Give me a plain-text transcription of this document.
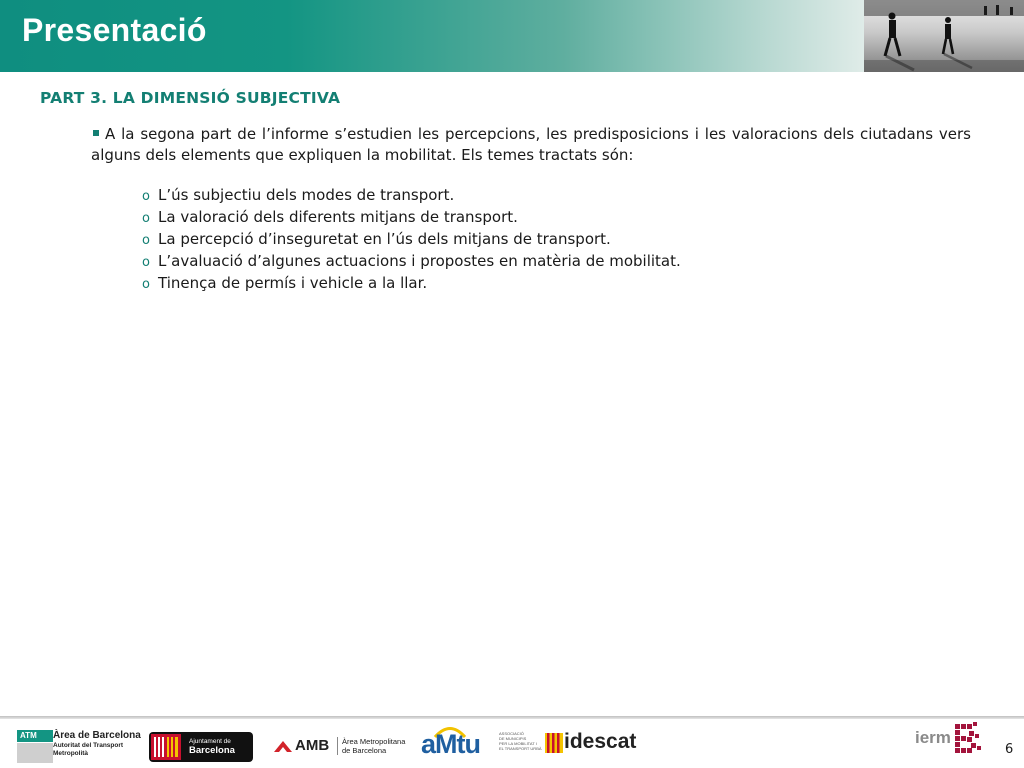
Presentació
PART 3. LA DIMENSIÓ SUBJECTIVA
A la segona part de l’informe s’estudien les percepcions, les predisposicions i les valoracions dels ciutadans vers alguns dels elements que expliquen la mobilitat. Els temes tractats són:
o L’ús subjectiu dels modes de transport.
o La valoració dels diferents mitjans de transport.
o La percepció d’inseguretat en l’ús dels mitjans de transport.
o L’avaluació d’algunes actuacions i propostes en matèria de mobilitat.
o Tinença de permís i vehicle a la llar.
ATM	Àrea de Barcelona
Autoritat del Transport
Metropolità
Ajuntament de
Barcelona	AMB Àrea Metropolitana
de Barcelona aMtu	ASSOCIACIÓ
DE MUNICIPIS
PER LA MOBILITAT I
EL TRANSPORT URBÀ idescat	ierm
6
